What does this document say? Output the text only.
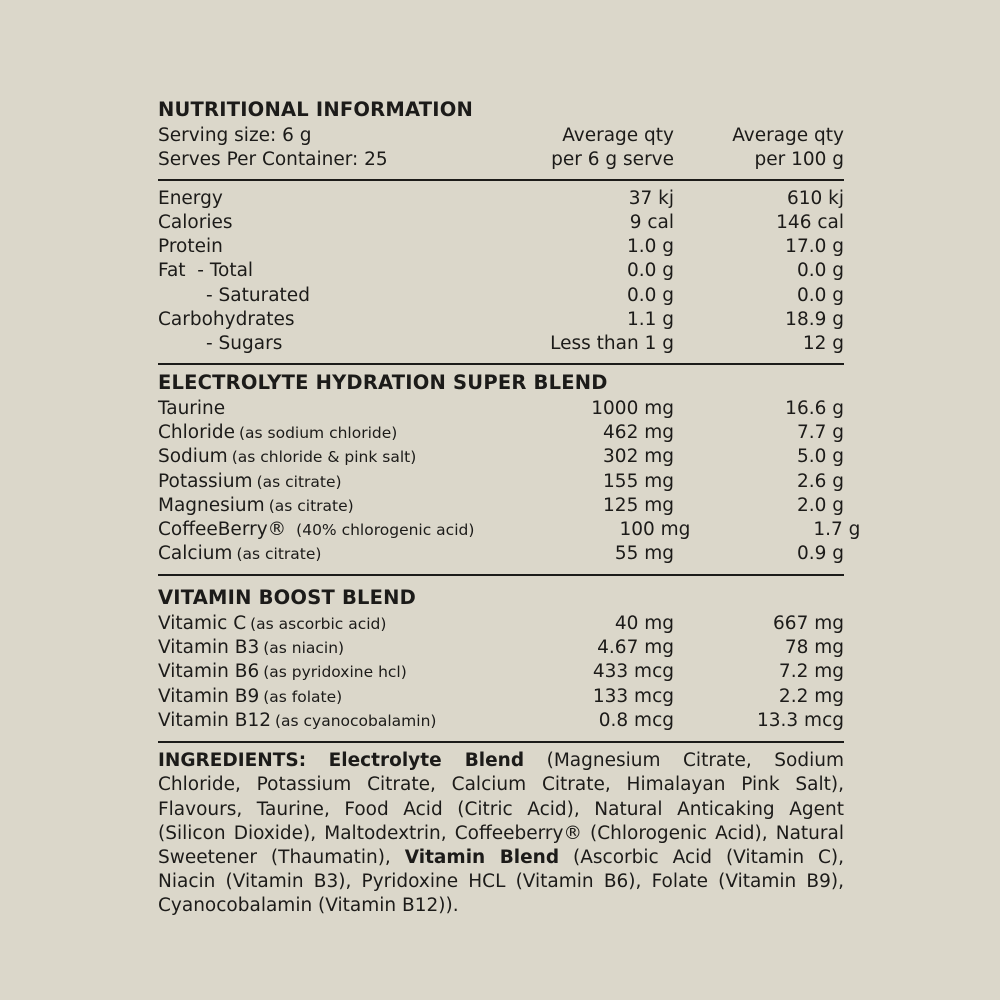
NUTRITIONAL INFORMATION
Serving size: 6 g	Average qty	Average qty
Serves Per Container: 25	per 6 g serve	per 100 g
Energy	37 kj	610 kj
Calories	9 cal	146 cal
Protein	1.0 g	17.0 g
Fat  - Total	0.0 g	0.0 g
- Saturated	0.0 g	0.0 g
Carbohydrates	1.1 g	18.9 g
- Sugars	Less than 1 g	12 g
ELECTROLYTE HYDRATION SUPER BLEND
Taurine	1000 mg	16.6 g
Chloride (as sodium chloride)	462 mg	7.7 g
Sodium (as chloride & pink salt)	302 mg	5.0 g
Potassium (as citrate)	155 mg	2.6 g
Magnesium (as citrate)	125 mg	2.0 g
CoffeeBerry® (40% chlorogenic acid)	100 mg	1.7 g
Calcium (as citrate)	55 mg	0.9 g
VITAMIN BOOST BLEND
Vitamic C (as ascorbic acid)	40 mg	667 mg
Vitamin B3 (as niacin)	4.67 mg	78 mg
Vitamin B6 (as pyridoxine hcl)	433 mcg	7.2 mg
Vitamin B9 (as folate)	133 mcg	2.2 mg
Vitamin B12 (as cyanocobalamin)	0.8 mcg	13.3 mcg
INGREDIENTS: Electrolyte Blend (Magnesium Citrate, Sodium Chloride, Potassium Citrate, Calcium Citrate, Himalayan Pink Salt), Flavours, Taurine, Food Acid (Citric Acid), Natural Anticaking Agent (Silicon Dioxide), Maltodextrin, Coffeeberry® (Chlorogenic Acid), Natural Sweetener (Thaumatin), Vitamin Blend (Ascorbic Acid (Vitamin C), Niacin (Vitamin B3), Pyridoxine HCL (Vitamin B6), Folate (Vitamin B9), Cyanocobalamin (Vitamin B12)).
